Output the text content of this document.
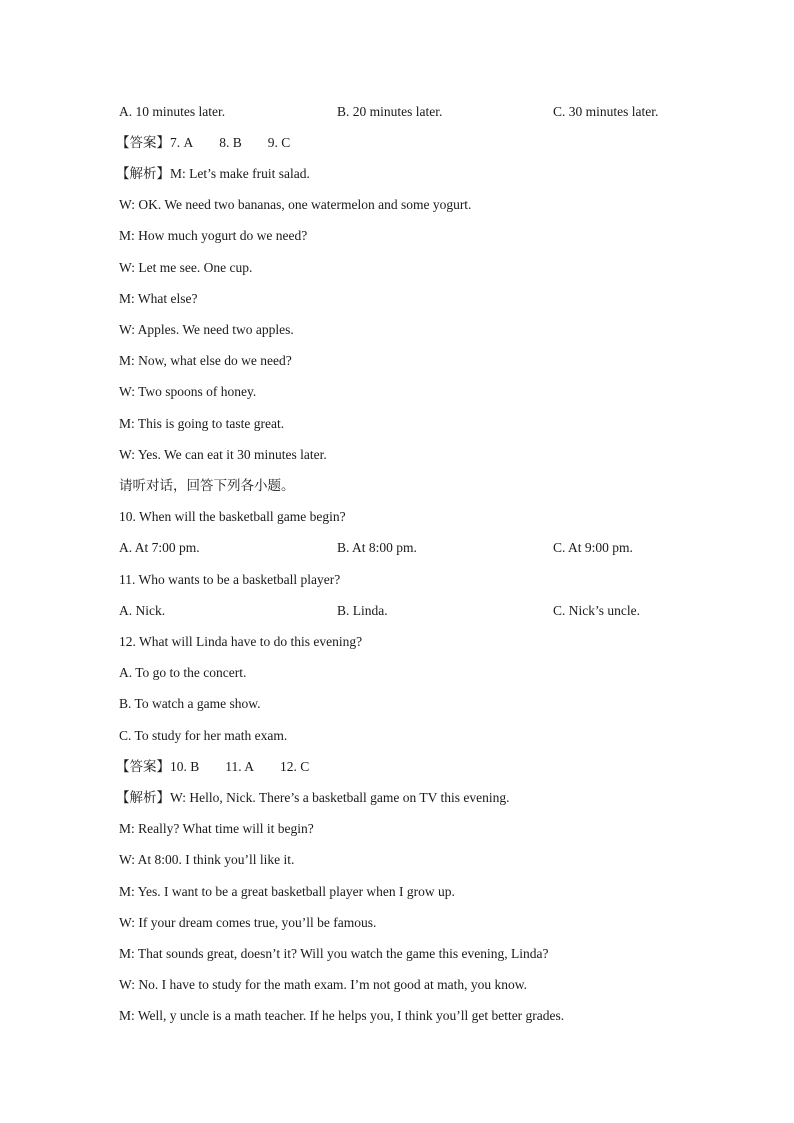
A. 10 minutes later.	B. 20 minutes later.	C. 30 minutes later.
【答案】7. A 8. B 9. C
【解析】M: Let’s make fruit salad.
W: OK. We need two bananas, one watermelon and some yogurt.
M: How much yogurt do we need?
W: Let me see. One cup.
M: What else?
W: Apples. We need two apples.
M: Now, what else do we need?
W: Two spoons of honey.
M: This is going to taste great.
W: Yes. We can eat it 30 minutes later.
请听对话，回答下列各小题。
10. When will the basketball game begin?
A. At 7:00 pm.	B. At 8:00 pm.	C. At 9:00 pm.
11. Who wants to be a basketball player?
A. Nick.	B. Linda.	C. Nick’s uncle.
12. What will Linda have to do this evening?
A. To go to the concert.
B. To watch a game show.
C. To study for her math exam.
【答案】10. B 11. A 12. C
【解析】W: Hello, Nick. There’s a basketball game on TV this evening.
M: Really? What time will it begin?
W: At 8:00. I think you’ll like it.
M: Yes. I want to be a great basketball player when I grow up.
W: If your dream comes true, you’ll be famous.
M: That sounds great, doesn’t it? Will you watch the game this evening, Linda?
W: No. I have to study for the math exam. I’m not good at math, you know.
M: Well, y uncle is a math teacher. If he helps you, I think you’ll get better grades.
